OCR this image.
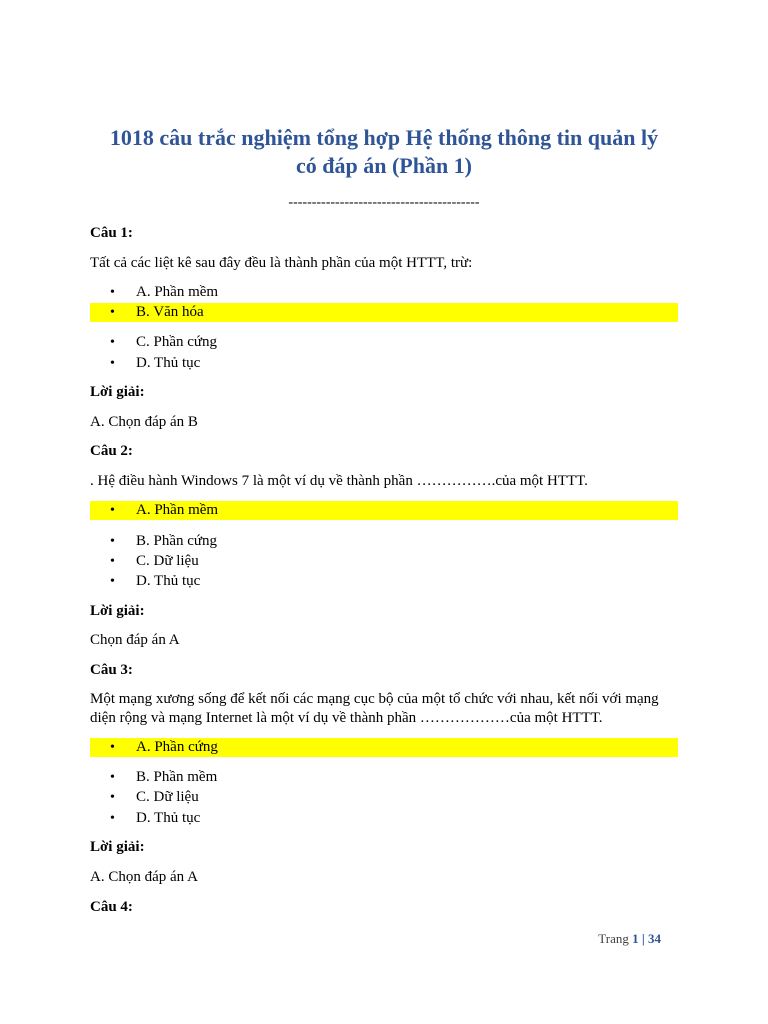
1018 câu trắc nghiệm tổng hợp Hệ thống thông tin quản lý
có đáp án (Phần 1)
-----------------------------------------
Câu 1:
Tất cả các liệt kê sau đây đều là thành phần của một HTTT, trừ:
• A. Phần mềm
• B. Văn hóa
• C. Phần cứng
• D. Thủ tục
Lời giải:
A. Chọn đáp án B
Câu 2:
. Hệ điều hành Windows 7 là một ví dụ về thành phần …………….của một HTTT.
• A. Phần mềm
• B. Phần cứng
• C. Dữ liệu
• D. Thủ tục
Lời giải:
Chọn đáp án A
Câu 3:
Một mạng xương sống để kết nối các mạng cục bộ của một tổ chức với nhau, kết nối với mạng
diện rộng và mạng Internet là một ví dụ về thành phần ………………của một HTTT.
• A. Phần cứng
• B. Phần mềm
• C. Dữ liệu
• D. Thủ tục
Lời giải:
A. Chọn đáp án A
Câu 4:
Trang 1 | 34
